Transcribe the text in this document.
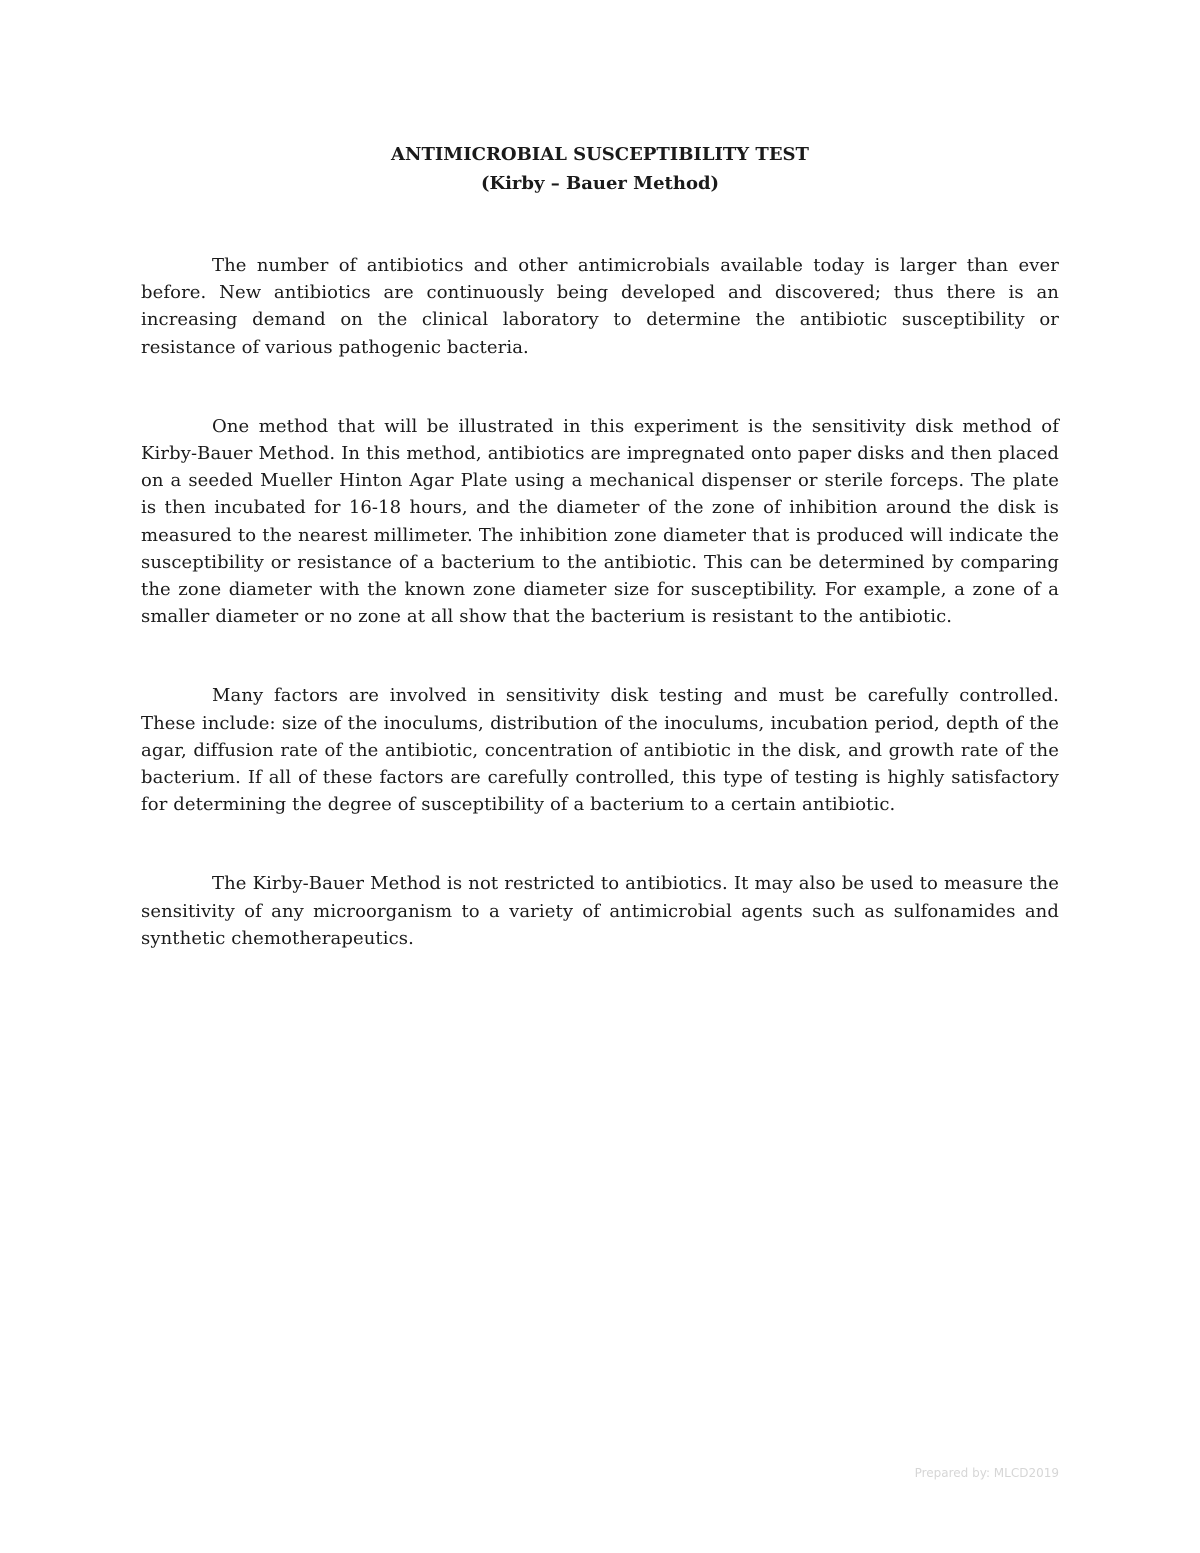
ANTIMICROBIAL SUSCEPTIBILITY TEST
(Kirby – Bauer Method)

The number of antibiotics and other antimicrobials available today is larger than ever before. New antibiotics are continuously being developed and discovered; thus there is an increasing demand on the clinical laboratory to determine the antibiotic susceptibility or resistance of various pathogenic bacteria.

One method that will be illustrated in this experiment is the sensitivity disk method of Kirby-Bauer Method. In this method, antibiotics are impregnated onto paper disks and then placed on a seeded Mueller Hinton Agar Plate using a mechanical dispenser or sterile forceps. The plate is then incubated for 16-18 hours, and the diameter of the zone of inhibition around the disk is measured to the nearest millimeter. The inhibition zone diameter that is produced will indicate the susceptibility or resistance of a bacterium to the antibiotic. This can be determined by comparing the zone diameter with the known zone diameter size for susceptibility. For example, a zone of a smaller diameter or no zone at all show that the bacterium is resistant to the antibiotic.

Many factors are involved in sensitivity disk testing and must be carefully controlled. These include: size of the inoculums, distribution of the inoculums, incubation period, depth of the agar, diffusion rate of the antibiotic, concentration of antibiotic in the disk, and growth rate of the bacterium. If all of these factors are carefully controlled, this type of testing is highly satisfactory for determining the degree of susceptibility of a bacterium to a certain antibiotic.

The Kirby-Bauer Method is not restricted to antibiotics. It may also be used to measure the sensitivity of any microorganism to a variety of antimicrobial agents such as sulfonamides and synthetic chemotherapeutics.

Prepared by: MLCD2019
